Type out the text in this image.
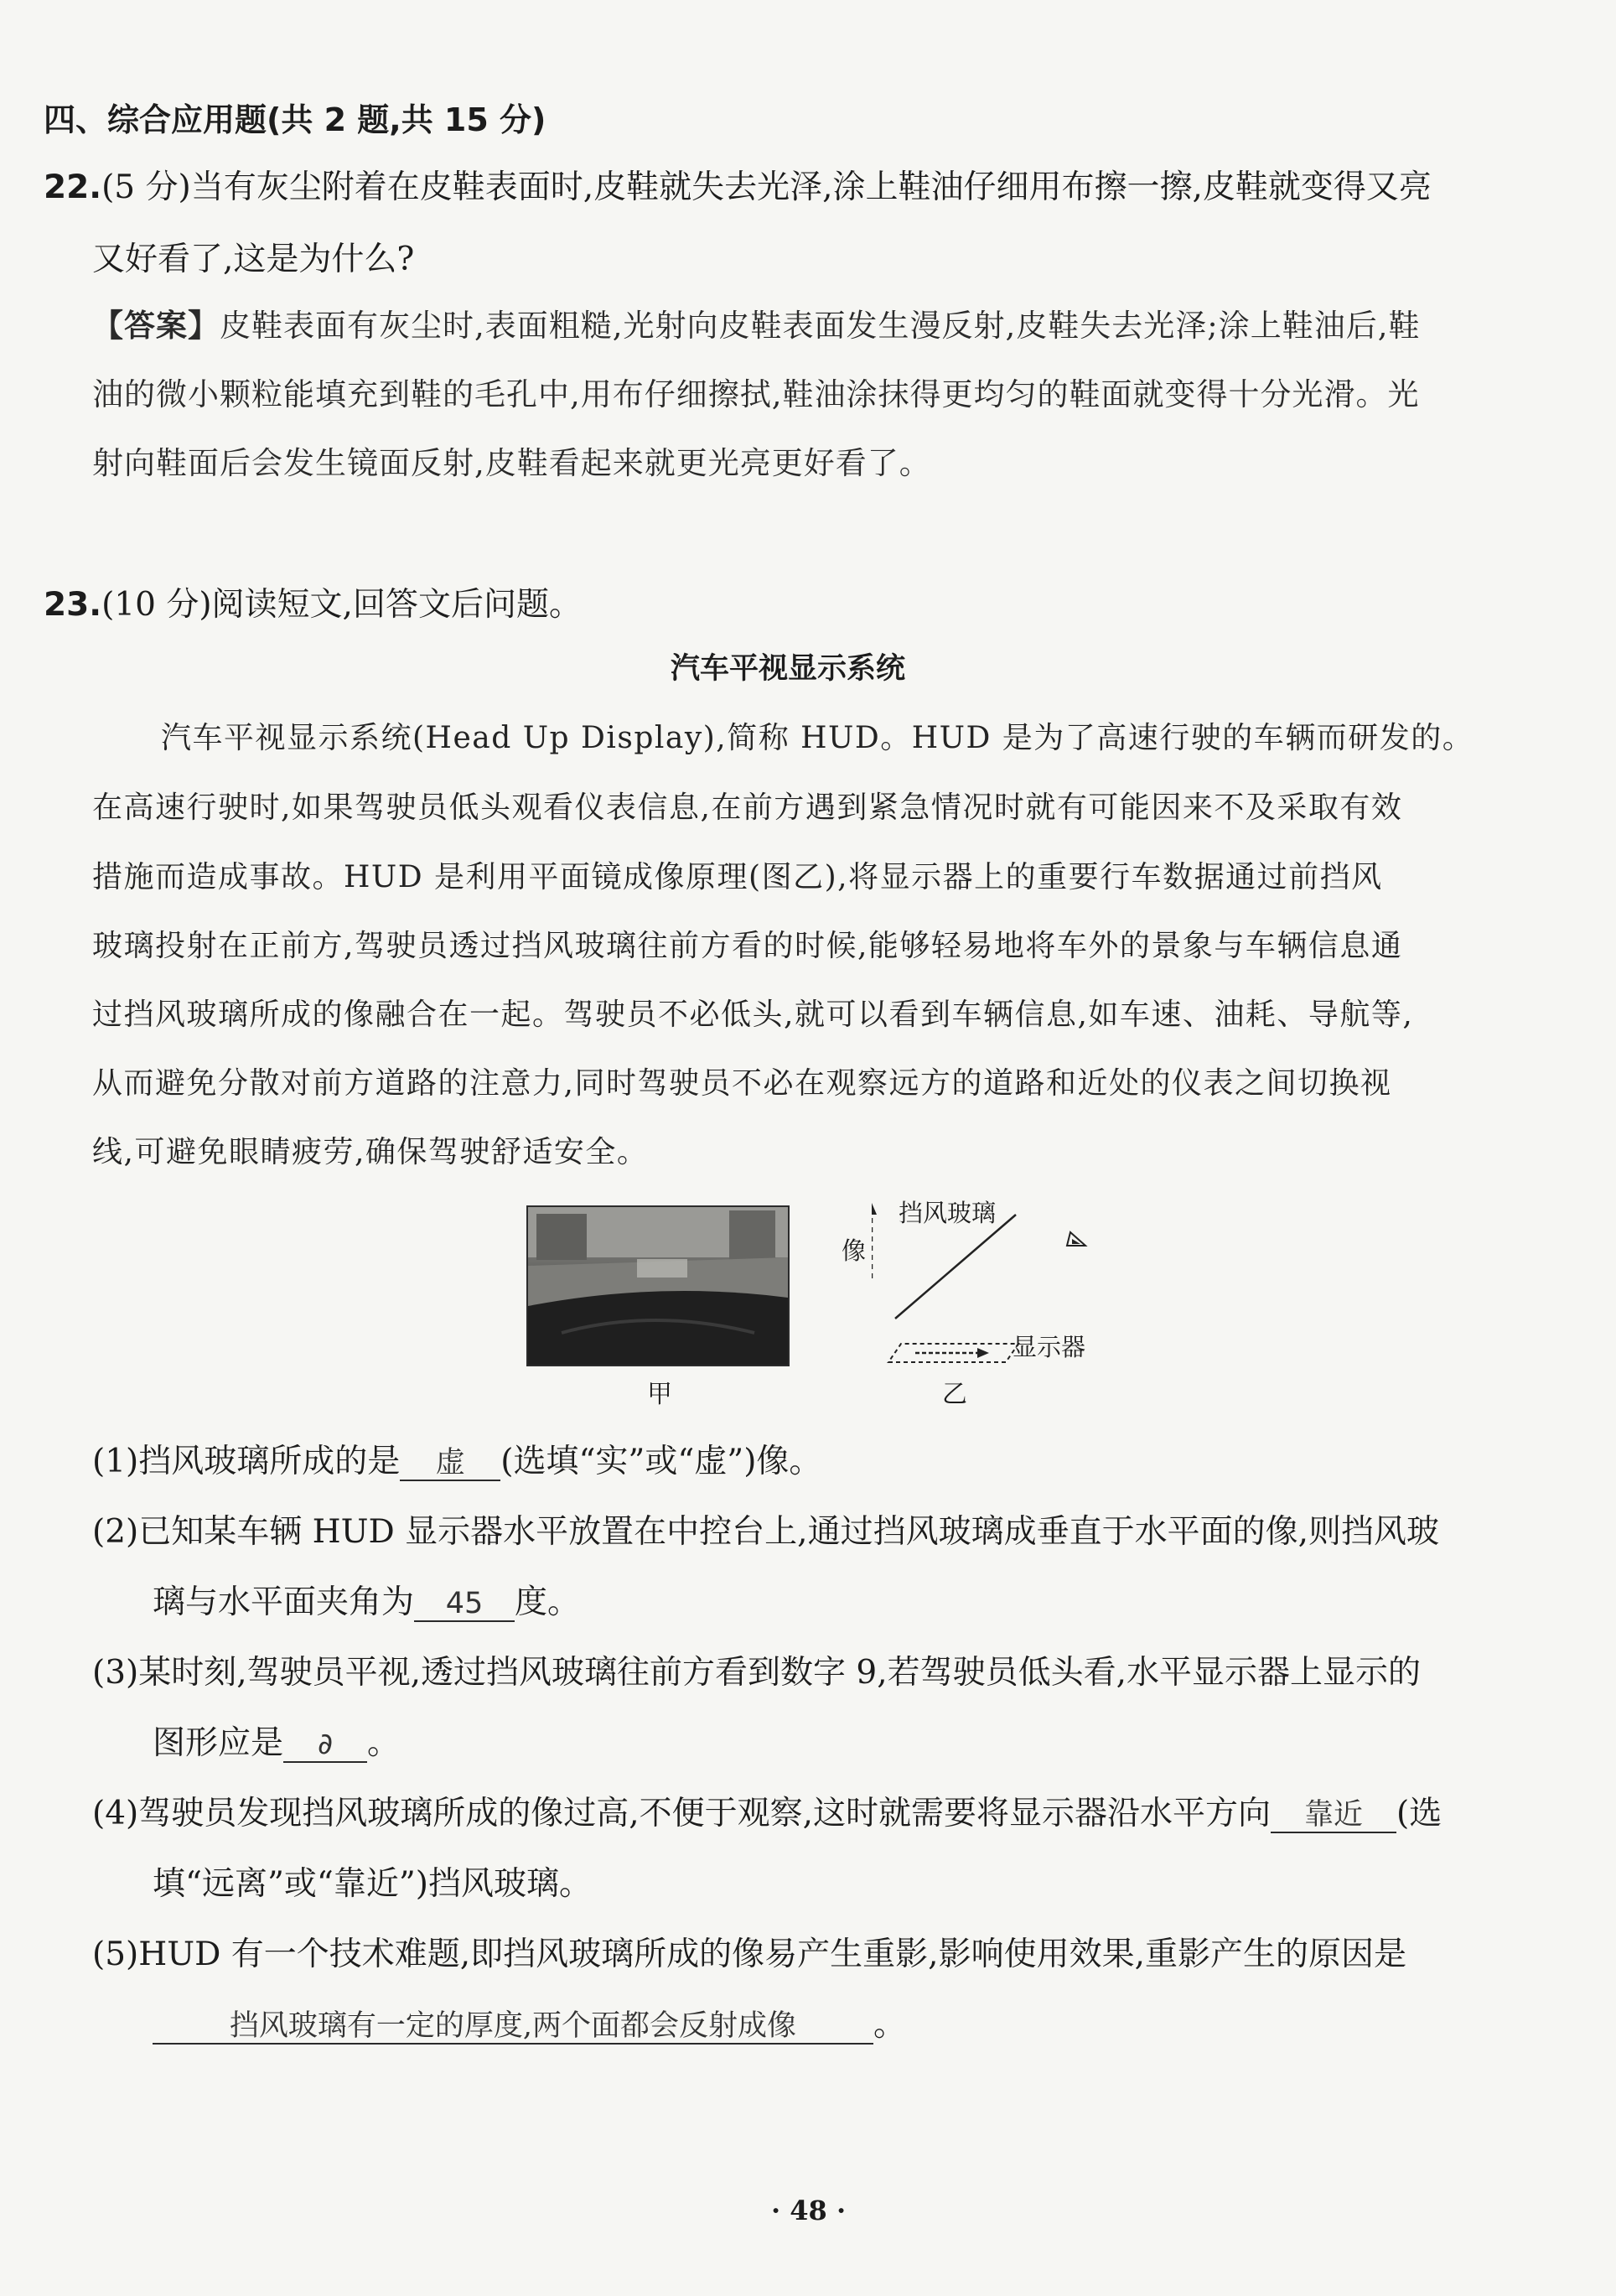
四、综合应用题(共 2 题,共 15 分)
22.(5 分)当有灰尘附着在皮鞋表面时,皮鞋就失去光泽,涂上鞋油仔细用布擦一擦,皮鞋就变得又亮
又好看了,这是为什么?
【答案】皮鞋表面有灰尘时,表面粗糙,光射向皮鞋表面发生漫反射,皮鞋失去光泽;涂上鞋油后,鞋
油的微小颗粒能填充到鞋的毛孔中,用布仔细擦拭,鞋油涂抹得更均匀的鞋面就变得十分光滑。光
射向鞋面后会发生镜面反射,皮鞋看起来就更光亮更好看了。
23.(10 分)阅读短文,回答文后问题。
汽车平视显示系统
汽车平视显示系统(Head Up Display),简称 HUD。HUD 是为了高速行驶的车辆而研发的。
在高速行驶时,如果驾驶员低头观看仪表信息,在前方遇到紧急情况时就有可能因来不及采取有效
措施而造成事故。HUD 是利用平面镜成像原理(图乙),将显示器上的重要行车数据通过前挡风
玻璃投射在正前方,驾驶员透过挡风玻璃往前方看的时候,能够轻易地将车外的景象与车辆信息通
过挡风玻璃所成的像融合在一起。驾驶员不必低头,就可以看到车辆信息,如车速、油耗、导航等,
从而避免分散对前方道路的注意力,同时驾驶员不必在观察远方的道路和近处的仪表之间切换视
线,可避免眼睛疲劳,确保驾驶舒适安全。
甲
挡风玻璃
像
显示器
乙
(1)挡风玻璃所成的是 虚 (选填“实”或“虚”)像。
(2)已知某车辆 HUD 显示器水平放置在中控台上,通过挡风玻璃成垂直于水平面的像,则挡风玻
璃与水平面夹角为 45 度。
(3)某时刻,驾驶员平视,透过挡风玻璃往前方看到数字 9,若驾驶员低头看,水平显示器上显示的
图形应是 ∂ 。
(4)驾驶员发现挡风玻璃所成的像过高,不便于观察,这时就需要将显示器沿水平方向 靠近 (选
填“远离”或“靠近”)挡风玻璃。
(5)HUD 有一个技术难题,即挡风玻璃所成的像易产生重影,影响使用效果,重影产生的原因是
挡风玻璃有一定的厚度,两个面都会反射成像 。
· 48 ·
